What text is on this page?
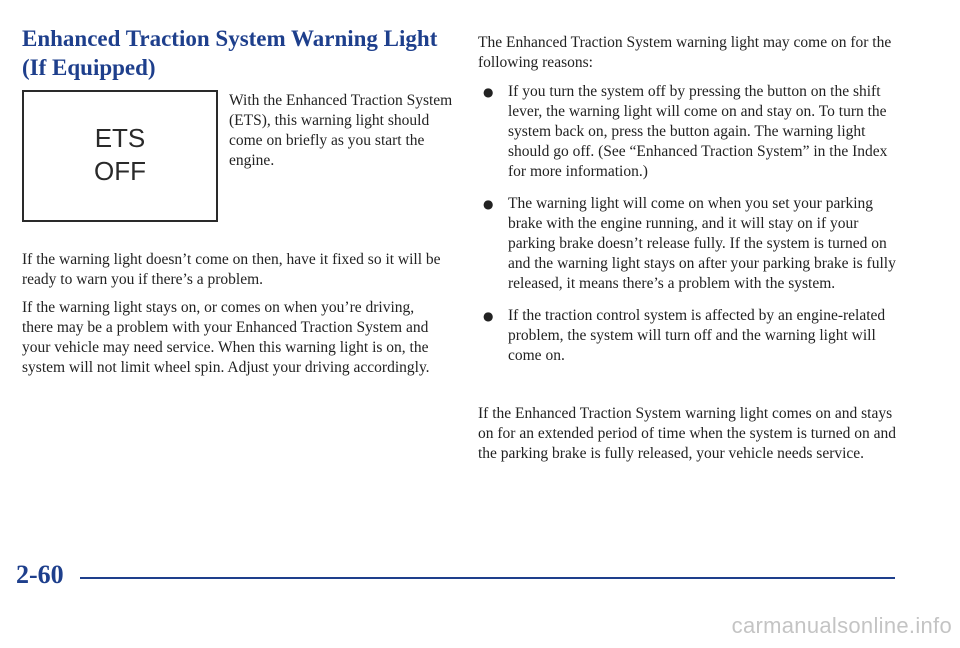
Enhanced Traction System Warning Light
(If Equipped)
ETS
OFF

With the Enhanced Traction System (ETS), this warning light should come on briefly as you start the engine.

If the warning light doesn’t come on then, have it fixed so it will be ready to warn you if there’s a problem.

If the warning light stays on, or comes on when you’re driving, there may be a problem with your Enhanced Traction System and your vehicle may need service. When this warning light is on, the system will not limit wheel spin. Adjust your driving accordingly.

The Enhanced Traction System warning light may come on for the following reasons:

● If you turn the system off by pressing the button on the shift lever, the warning light will come on and stay on. To turn the system back on, press the button again. The warning light should go off. (See “Enhanced Traction System” in the Index for more information.)
● The warning light will come on when you set your parking brake with the engine running, and it will stay on if your parking brake doesn’t release fully. If the system is turned on and the warning light stays on after your parking brake is fully released, it means there’s a problem with the system.
● If the traction control system is affected by an engine-related problem, the system will turn off and the warning light will come on.

If the Enhanced Traction System warning light comes on and stays on for an extended period of time when the system is turned on and the parking brake is fully released, your vehicle needs service.

2-60

carmanualsonline.info
